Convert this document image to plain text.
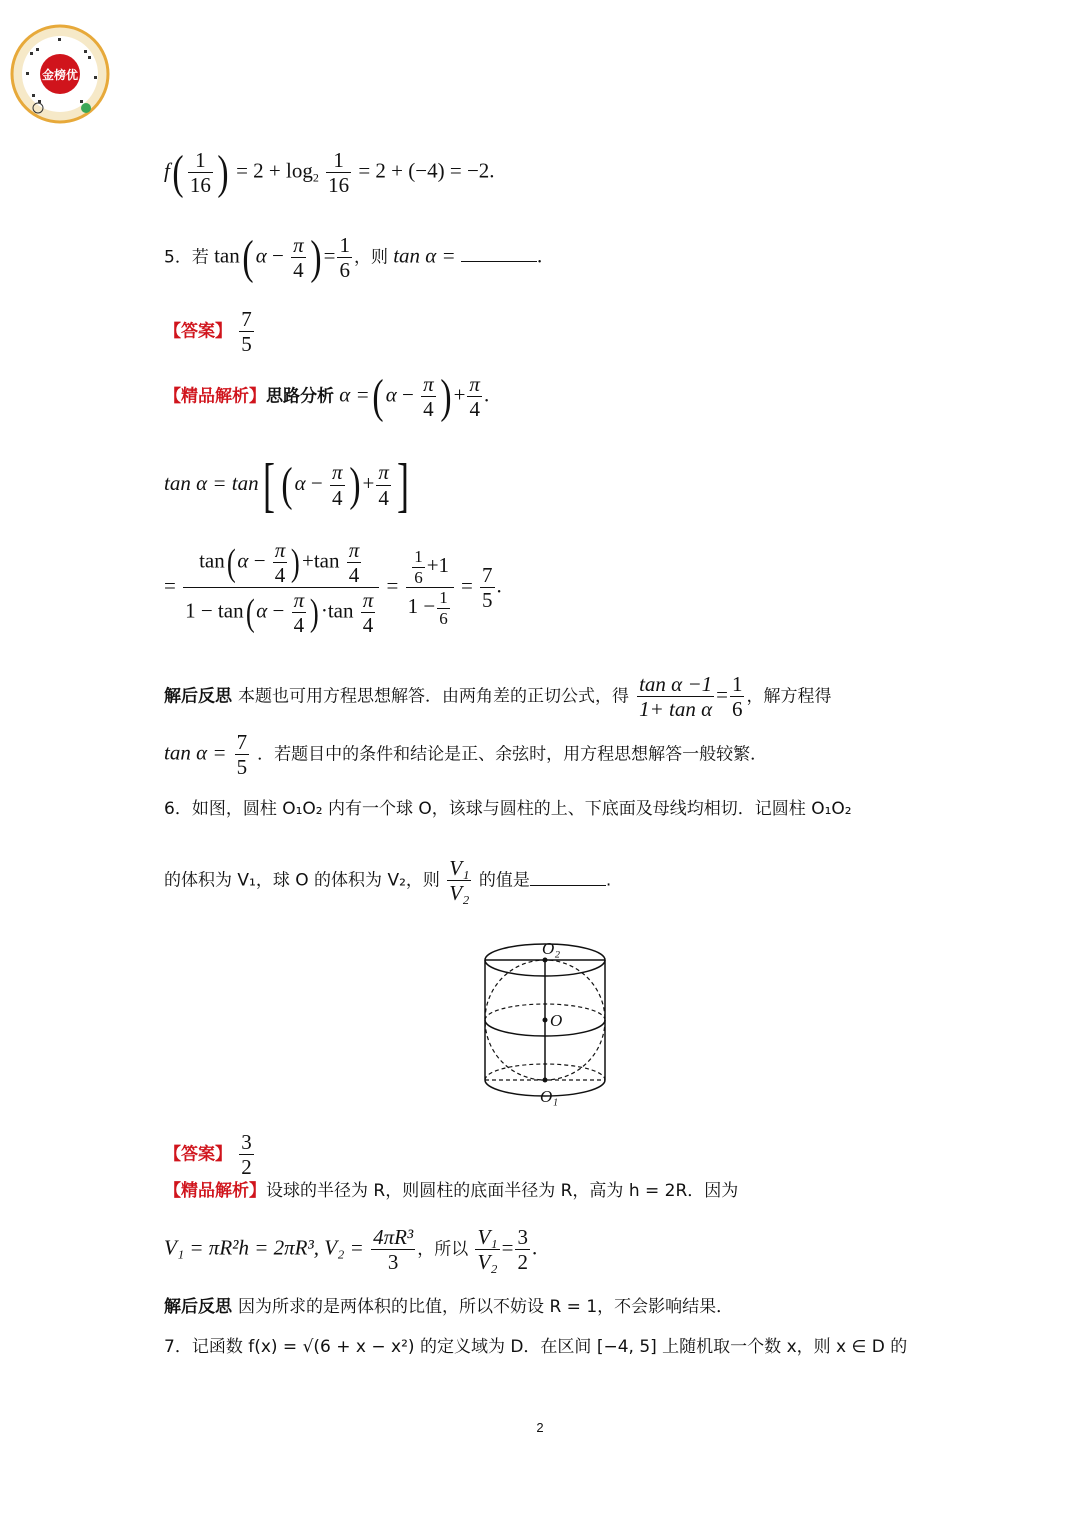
金榜优
$f( \frac{1}{16}$ ) = $2 + \log_2 \frac{1}{16} = 2 + (-4) = -2$.
5．若 tan( $\alpha - \frac{\pi}{4}$ ) = $\frac{1}{6}$ ，则 tan α =	.
【答案】 $\frac{7}{5}$
【精品解析】思路分析 α =( $\alpha - \frac{\pi}{4}$ ) + $\frac{\pi}{4}$ .
tan α = tan[ ( $\alpha - \frac{\pi}{4}$ ) + $\frac{\pi}{4}$ ]
= $\frac{\tan(\alpha - \frac{\pi}{4} )+\tan \frac{\pi}{4}}{1 - \tan(\alpha - \frac{\pi}{4} )\cdot\tan \frac{\pi}{4}} = \frac{\frac{1}{6} +1}{1 - \frac{1}{6}} = \frac{7}{5}$ .
解后反思 本题也可用方程思想解答．由两角差的正切公式，得 $\frac{\text{tan α −1}}{\text{1+ tan α}} = \frac{1}{6}$ ，解方程得
$\tan \alpha = \frac{7}{5}$ ．若题目中的条件和结论是正、余弦时，用方程思想解答一般较繁．
6．如图，圆柱 O₁O₂ 内有一个球 O，该球与圆柱的上、下底面及母线均相切．记圆柱 O₁O₂
的体积为 V₁，球 O 的体积为 V₂，则 $\frac{\text{V₁}}{\text{V₂}}$ 的值是	.
O₂
O
O₁
【答案】 $\frac{3}{2}$
【精品解析】设球的半径为 R，则圆柱的底面半径为 R，高为 h = 2R．因为
V₁ = πR²h = 2πR³, $V_2 = \frac{\text{4πR³}}{3}$ ，所以 $\frac{\text{V₁}}{\text{V₂}} = \frac{3}{2}$ .
解后反思 因为所求的是两体积的比值，所以不妨设 R = 1，不会影响结果．
7．记函数 f(x) = √(6 + x − x²) 的定义域为 D．在区间 [−4, 5] 上随机取一个数 x，则 x ∈ D 的
2
